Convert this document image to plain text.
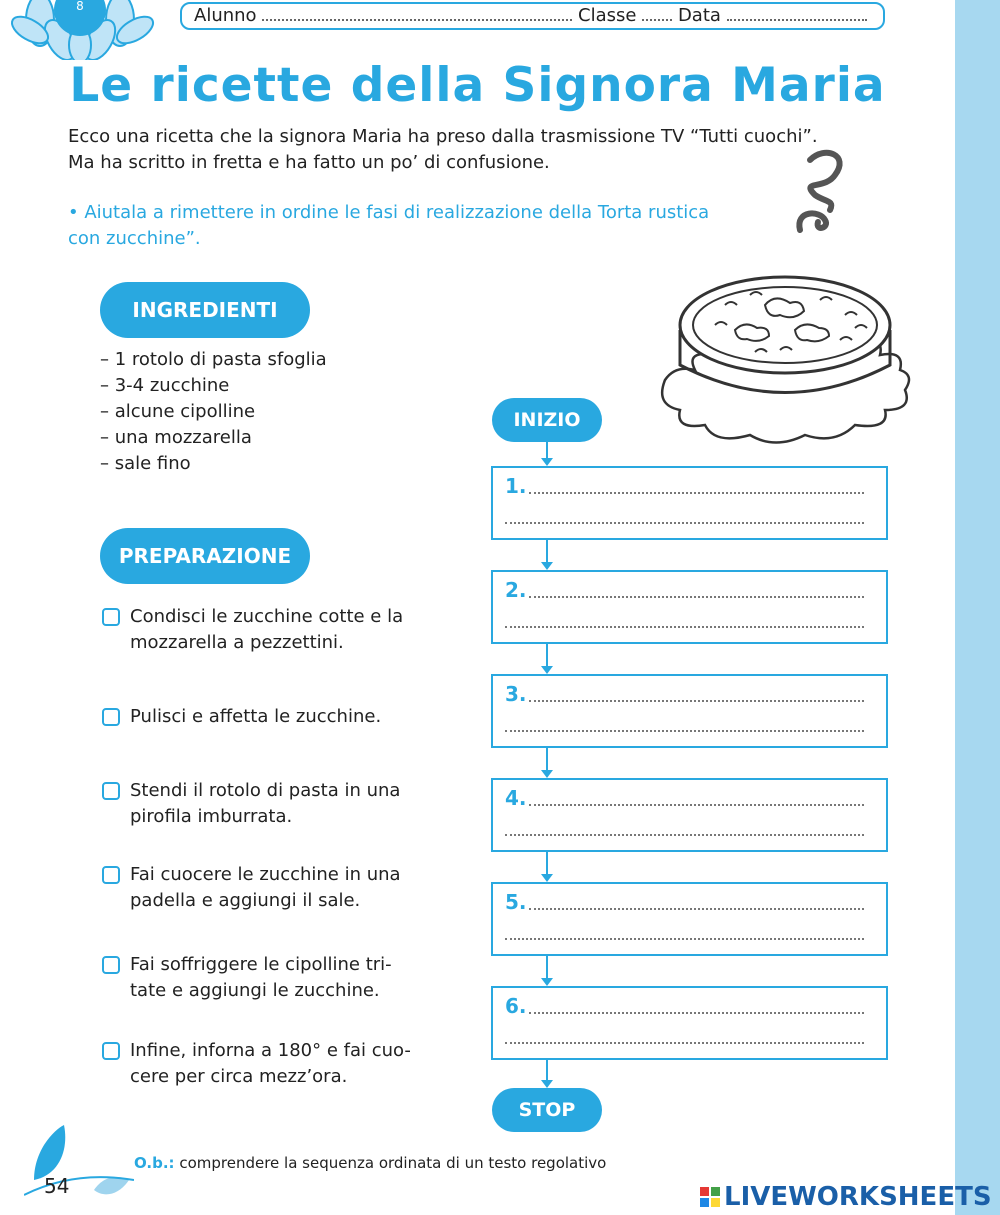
8	Alunno	Classe Data
Le ricette della Signora Maria
Ecco una ricetta che la signora Maria ha preso dalla trasmissione TV “Tutti cuochi”.
Ma ha scritto in fretta e ha fatto un po’ di confusione.
• Aiutala a rimettere in ordine le fasi di realizzazione della Torta rustica
con zucchine”.
INGREDIENTI
– 1 rotolo di pasta sfoglia
– 3-4 zucchine
– alcune cipolline
– una mozzarella
– sale fino
PREPARAZIONE
Condisci le zucchine cotte e la
mozzarella a pezzettini.
Pulisci e affetta le zucchine.
Stendi il rotolo di pasta in una
pirofila imburrata.
Fai cuocere le zucchine in una
padella e aggiungi il sale.
Fai soffriggere le cipolline tri-
tate e aggiungi le zucchine.
Infine, inforna a 180° e fai cuo-
cere per circa mezz’ora.
INIZIO
1.
2.
3.
4.
5.
6.
STOP
54
O.b.: comprendere la sequenza ordinata di un testo regolativo
LIVEWORKSHEETS
